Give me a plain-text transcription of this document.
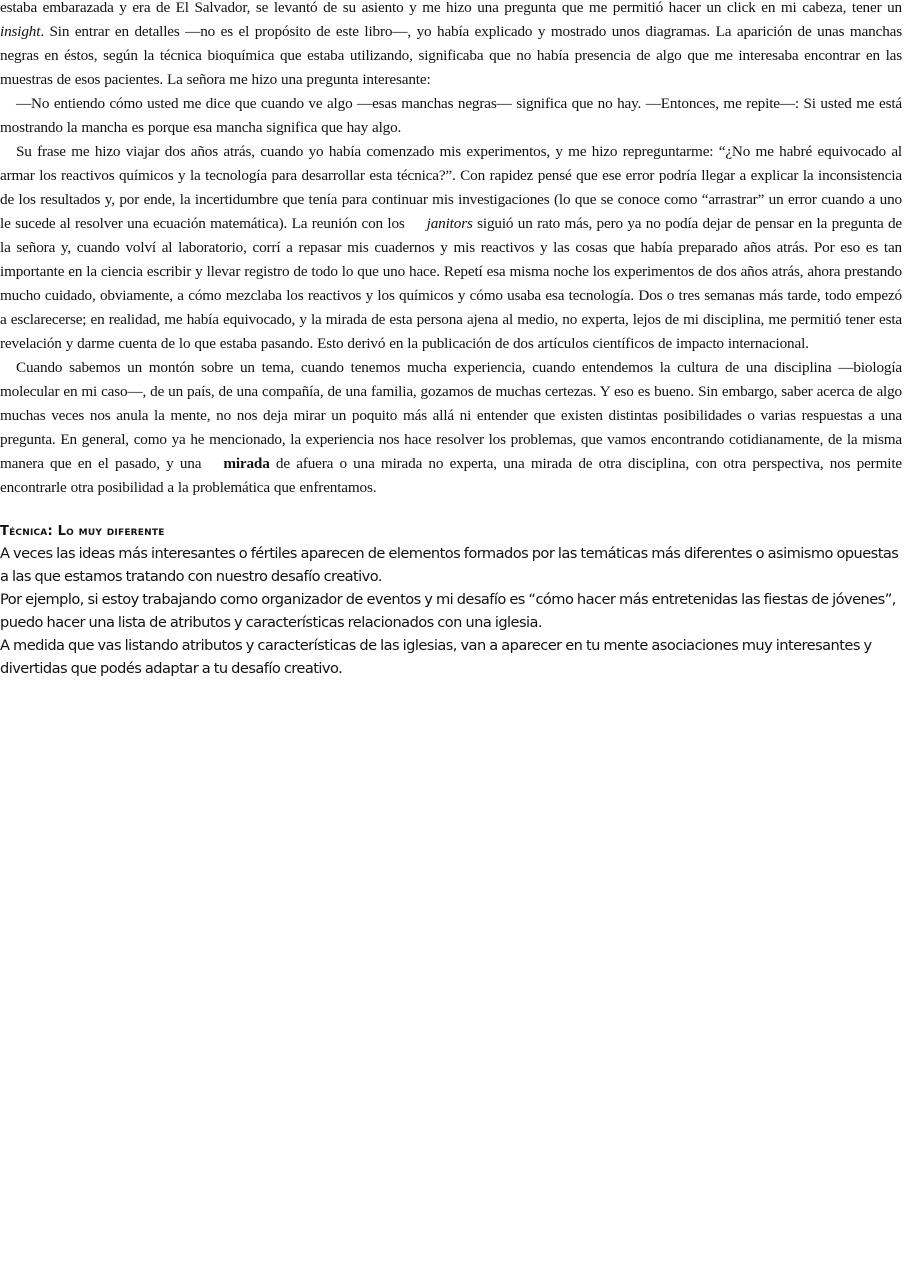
estaba embarazada y era de El Salvador, se levantó de su asiento y me hizo una pregunta que me permitió hacer un click en mi cabeza, tener un insight. Sin entrar en detalles —no es el propósito de este libro—, yo había explicado y mostrado unos diagramas. La aparición de unas manchas negras en éstos, según la técnica bioquímica que estaba utilizando, significaba que no había presencia de algo que me interesaba encontrar en las muestras de esos pacientes. La señora me hizo una pregunta interesante:

—No entiendo cómo usted me dice que cuando ve algo —esas manchas negras— significa que no hay. —Entonces, me repite—: Si usted me está mostrando la mancha es porque esa mancha significa que hay algo.

Su frase me hizo viajar dos años atrás, cuando yo había comenzado mis experimentos, y me hizo repreguntarme: “¿No me habré equivocado al armar los reactivos químicos y la tecnología para desarrollar esta técnica?”. Con rapidez pensé que ese error podría llegar a explicar la inconsistencia de los resultados y, por ende, la incertidumbre que tenía para continuar mis investigaciones (lo que se conoce como “arrastrar” un error cuando a uno le sucede al resolver una ecuación matemática). La reunión con los janitors siguió un rato más, pero ya no podía dejar de pensar en la pregunta de la señora y, cuando volví al laboratorio, corrí a repasar mis cuadernos y mis reactivos y las cosas que había preparado años atrás. Por eso es tan importante en la ciencia escribir y llevar registro de todo lo que uno hace. Repetí esa misma noche los experimentos de dos años atrás, ahora prestando mucho cuidado, obviamente, a cómo mezclaba los reactivos y los químicos y cómo usaba esa tecnología. Dos o tres semanas más tarde, todo empezó a esclarecerse; en realidad, me había equivocado, y la mirada de esta persona ajena al medio, no experta, lejos de mi disciplina, me permitió tener esta revelación y darme cuenta de lo que estaba pasando. Esto derivó en la publicación de dos artículos científicos de impacto internacional.

Cuando sabemos un montón sobre un tema, cuando tenemos mucha experiencia, cuando entendemos la cultura de una disciplina —biología molecular en mi caso—, de un país, de una compañía, de una familia, gozamos de muchas certezas. Y eso es bueno. Sin embargo, saber acerca de algo muchas veces nos anula la mente, no nos deja mirar un poquito más allá ni entender que existen distintas posibilidades o varias respuestas a una pregunta. En general, como ya he mencionado, la experiencia nos hace resolver los problemas, que vamos encontrando cotidianamente, de la misma manera que en el pasado, y una mirada de afuera o una mirada no experta, una mirada de otra disciplina, con otra perspectiva, nos permite encontrarle otra posibilidad a la problemática que enfrentamos.

Técnica: Lo muy diferente

A veces las ideas más interesantes o fértiles aparecen de elementos formados por las temáticas más diferentes o asimismo opuestas a las que estamos tratando con nuestro desafío creativo.

Por ejemplo, si estoy trabajando como organizador de eventos y mi desafío es “cómo hacer más entretenidas las fiestas de jóvenes”, puedo hacer una lista de atributos y características relacionados con una iglesia.

A medida que vas listando atributos y características de las iglesias, van a aparecer en tu mente asociaciones muy interesantes y divertidas que podés adaptar a tu desafío creativo.
